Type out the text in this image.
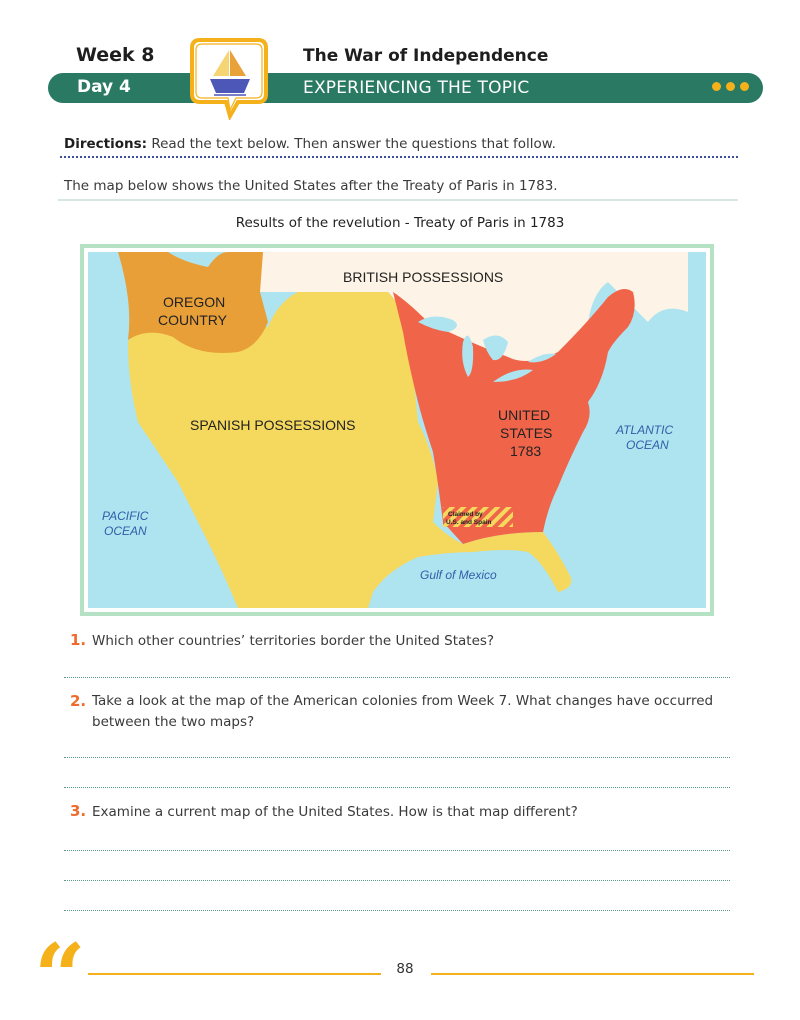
Week 8	The War of Independence
Day 4	EXPERIENCING THE TOPIC
Directions: Read the text below. Then answer the questions that follow.
The map below shows the United States after the Treaty of Paris in 1783.
Results of the revelution - Treaty of Paris in 1783
BRITISH POSSESSIONS
OREGON
COUNTRY
SPANISH POSSESSIONS
UNITED
STATES
1783
Claimed by
U.S. and Spain
ATLANTIC
OCEAN
PACIFIC
OCEAN
Gulf of Mexico
1. Which other countries’ territories border the United States?
2. Take a look at the map of the American colonies from Week 7. What changes have occurred between the two maps?
3. Examine a current map of the United States. How is that map different?
“	88
